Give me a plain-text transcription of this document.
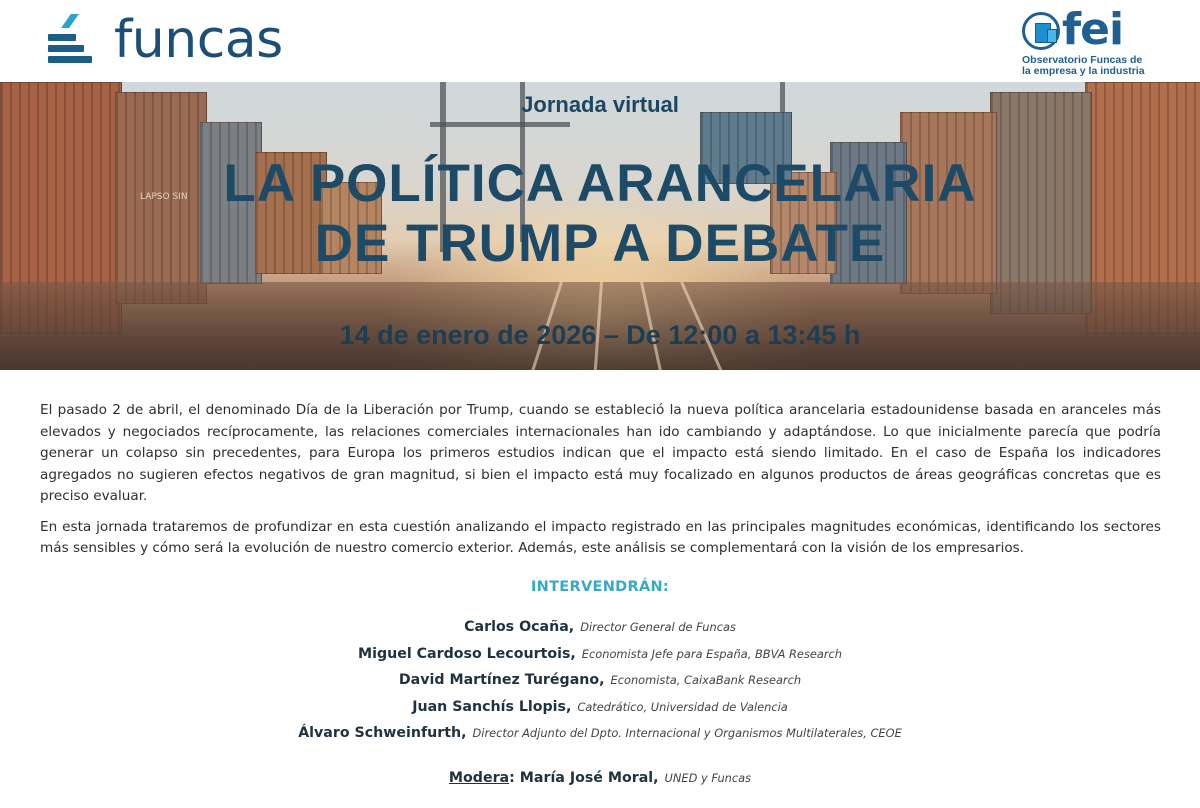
funcas	fei
Observatorio Funcas de
la empresa y la industria
LAPSO SIN
Jornada virtual
LA POLÍTICA ARANCELARIA
DE TRUMP A DEBATE
14 de enero de 2026 – De 12:00 a 13:45 h

El pasado 2 de abril, el denominado Día de la Liberación por Trump, cuando se estableció la nueva política arancelaria estadounidense basada en aranceles más elevados y negociados recíprocamente, las relaciones comerciales internacionales han ido cambiando y adaptándose. Lo que inicialmente parecía que podría generar un colapso sin precedentes, para Europa los primeros estudios indican que el impacto está siendo limitado. En el caso de España los indicadores agregados no sugieren efectos negativos de gran magnitud, si bien el impacto está muy focalizado en algunos productos de áreas geográficas concretas que es preciso evaluar.

En esta jornada trataremos de profundizar en esta cuestión analizando el impacto registrado en las principales magnitudes económicas, identificando los sectores más sensibles y cómo será la evolución de nuestro comercio exterior. Además, este análisis se complementará con la visión de los empresarios.

INTERVENDRÁN:
Carlos Ocaña, Director General de Funcas
Miguel Cardoso Lecourtois, Economista Jefe para España, BBVA Research
David Martínez Turégano, Economista, CaixaBank Research
Juan Sanchís Llopis, Catedrático, Universidad de Valencia
Álvaro Schweinfurth, Director Adjunto del Dpto. Internacional y Organismos Multilaterales, CEOE
Modera: María José Moral, UNED y Funcas
